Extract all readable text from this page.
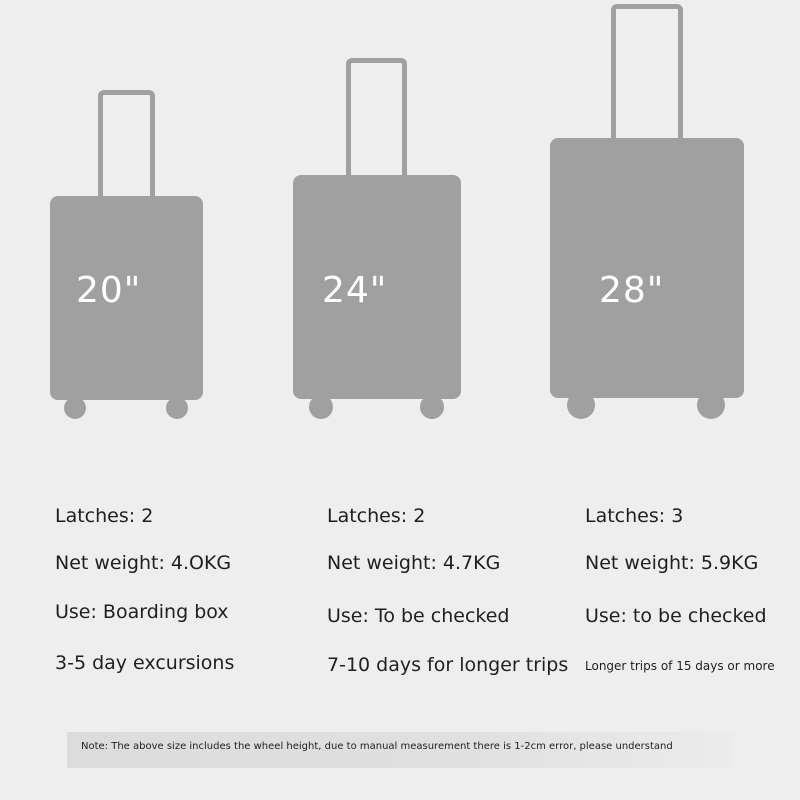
20"	24"	28"
Latches: 2
Net weight: 4.OKG
Use: Boarding box
3-5 day excursions
Latches: 2
Net weight: 4.7KG
Use: To be checked
7-10 days for longer trips
Latches: 3
Net weight: 5.9KG
Use: to be checked
Longer trips of 15 days or more
Note: The above size includes the wheel height, due to manual measurement there is 1-2cm error, please understand
